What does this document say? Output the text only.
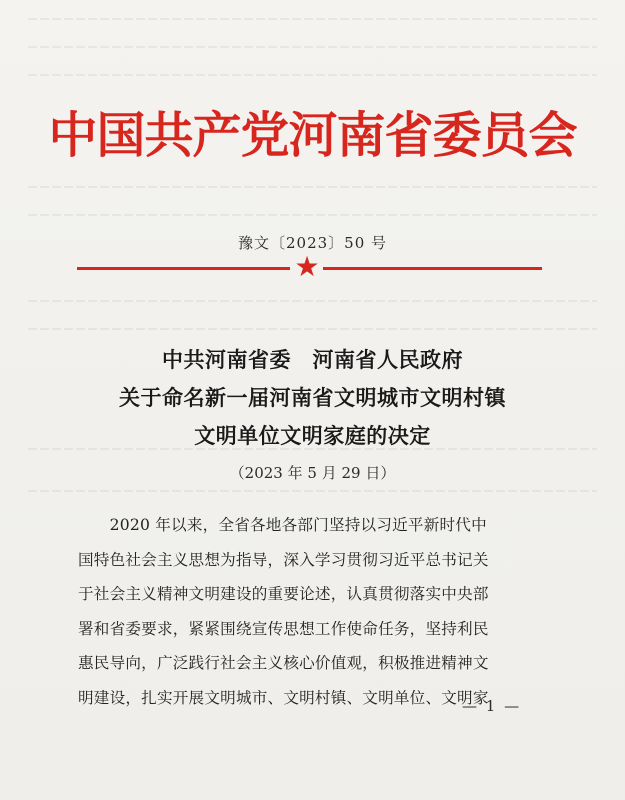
中国共产党河南省委员会
豫文〔2023〕50 号
★
中共河南省委　河南省人民政府
关于命名新一届河南省文明城市文明村镇
文明单位文明家庭的决定
（2023 年 5 月 29 日）
　　2020 年以来，全省各地各部门坚持以习近平新时代中
国特色社会主义思想为指导，深入学习贯彻习近平总书记关
于社会主义精神文明建设的重要论述，认真贯彻落实中央部
署和省委要求，紧紧围绕宣传思想工作使命任务，坚持利民
惠民导向，广泛践行社会主义核心价值观，积极推进精神文
明建设，扎实开展文明城市、文明村镇、文明单位、文明家
— 1 —
